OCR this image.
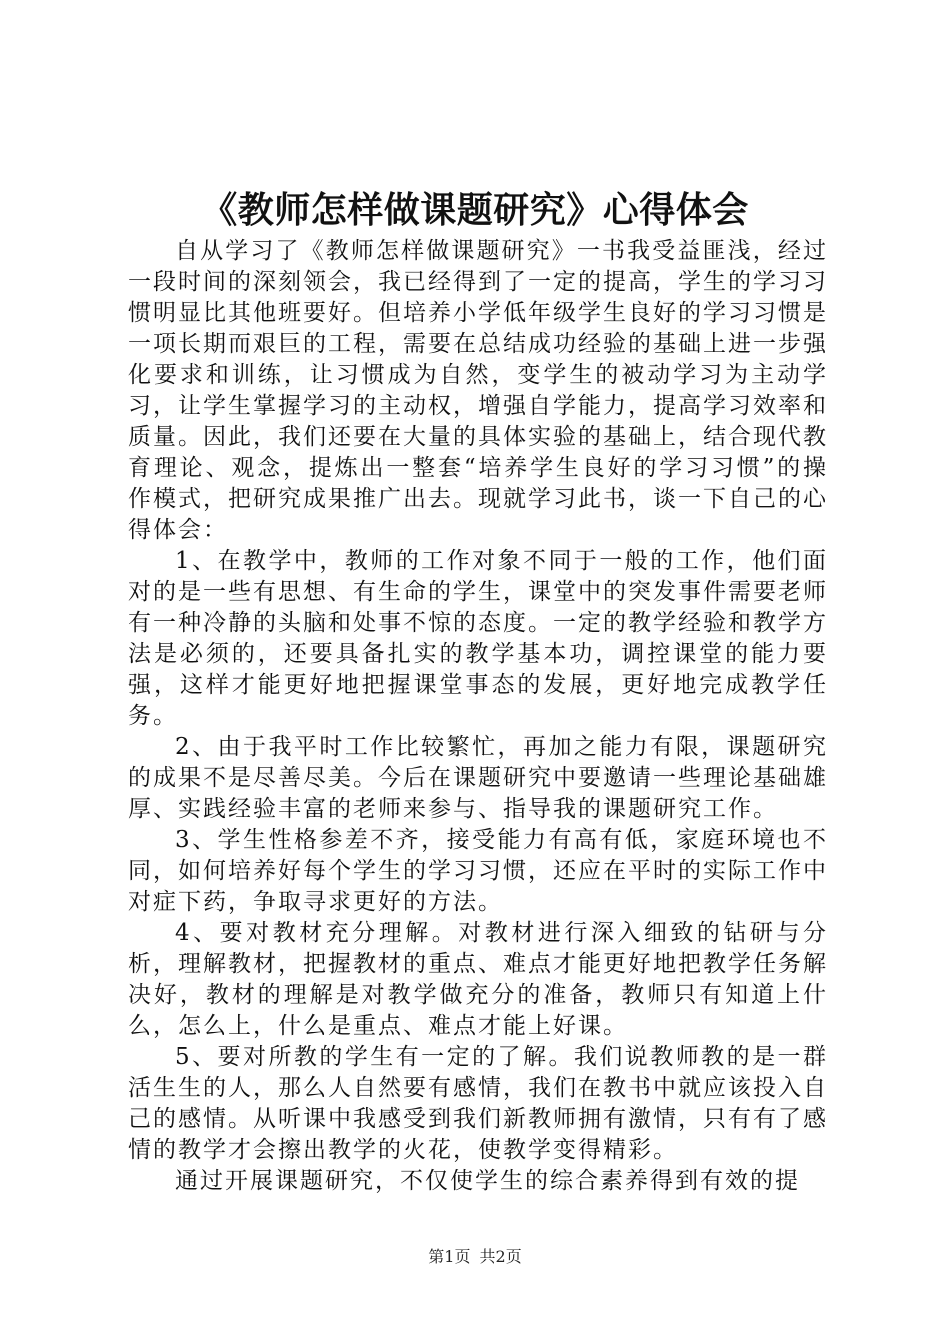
《教师怎样做课题研究》心得体会

自从学习了《教师怎样做课题研究》一书我受益匪浅，经过一段时间的深刻领会，我已经得到了一定的提高，学生的学习习惯明显比其他班要好。但培养小学低年级学生良好的学习习惯是一项长期而艰巨的工程，需要在总结成功经验的基础上进一步强化要求和训练，让习惯成为自然，变学生的被动学习为主动学习，让学生掌握学习的主动权，增强自学能力，提高学习效率和质量。因此，我们还要在大量的具体实验的基础上，结合现代教育理论、观念，提炼出一整套“培养学生良好的学习习惯”的操作模式，把研究成果推广出去。现就学习此书，谈一下自己的心得体会：

1、在教学中，教师的工作对象不同于一般的工作，他们面对的是一些有思想、有生命的学生，课堂中的突发事件需要老师有一种冷静的头脑和处事不惊的态度。一定的教学经验和教学方法是必须的，还要具备扎实的教学基本功，调控课堂的能力要强，这样才能更好地把握课堂事态的发展，更好地完成教学任务。

2、由于我平时工作比较繁忙，再加之能力有限，课题研究的成果不是尽善尽美。今后在课题研究中要邀请一些理论基础雄厚、实践经验丰富的老师来参与、指导我的课题研究工作。

3、学生性格参差不齐，接受能力有高有低，家庭环境也不同，如何培养好每个学生的学习习惯，还应在平时的实际工作中对症下药，争取寻求更好的方法。

4、要对教材充分理解。对教材进行深入细致的钻研与分析，理解教材，把握教材的重点、难点才能更好地把教学任务解决好，教材的理解是对教学做充分的准备，教师只有知道上什么，怎么上，什么是重点、难点才能上好课。

5、要对所教的学生有一定的了解。我们说教师教的是一群活生生的人，那么人自然要有感情，我们在教书中就应该投入自己的感情。从听课中我感受到我们新教师拥有激情，只有有了感情的教学才会擦出教学的火花，使教学变得精彩。

通过开展课题研究，不仅使学生的综合素养得到有效的提

第1页 共2页
